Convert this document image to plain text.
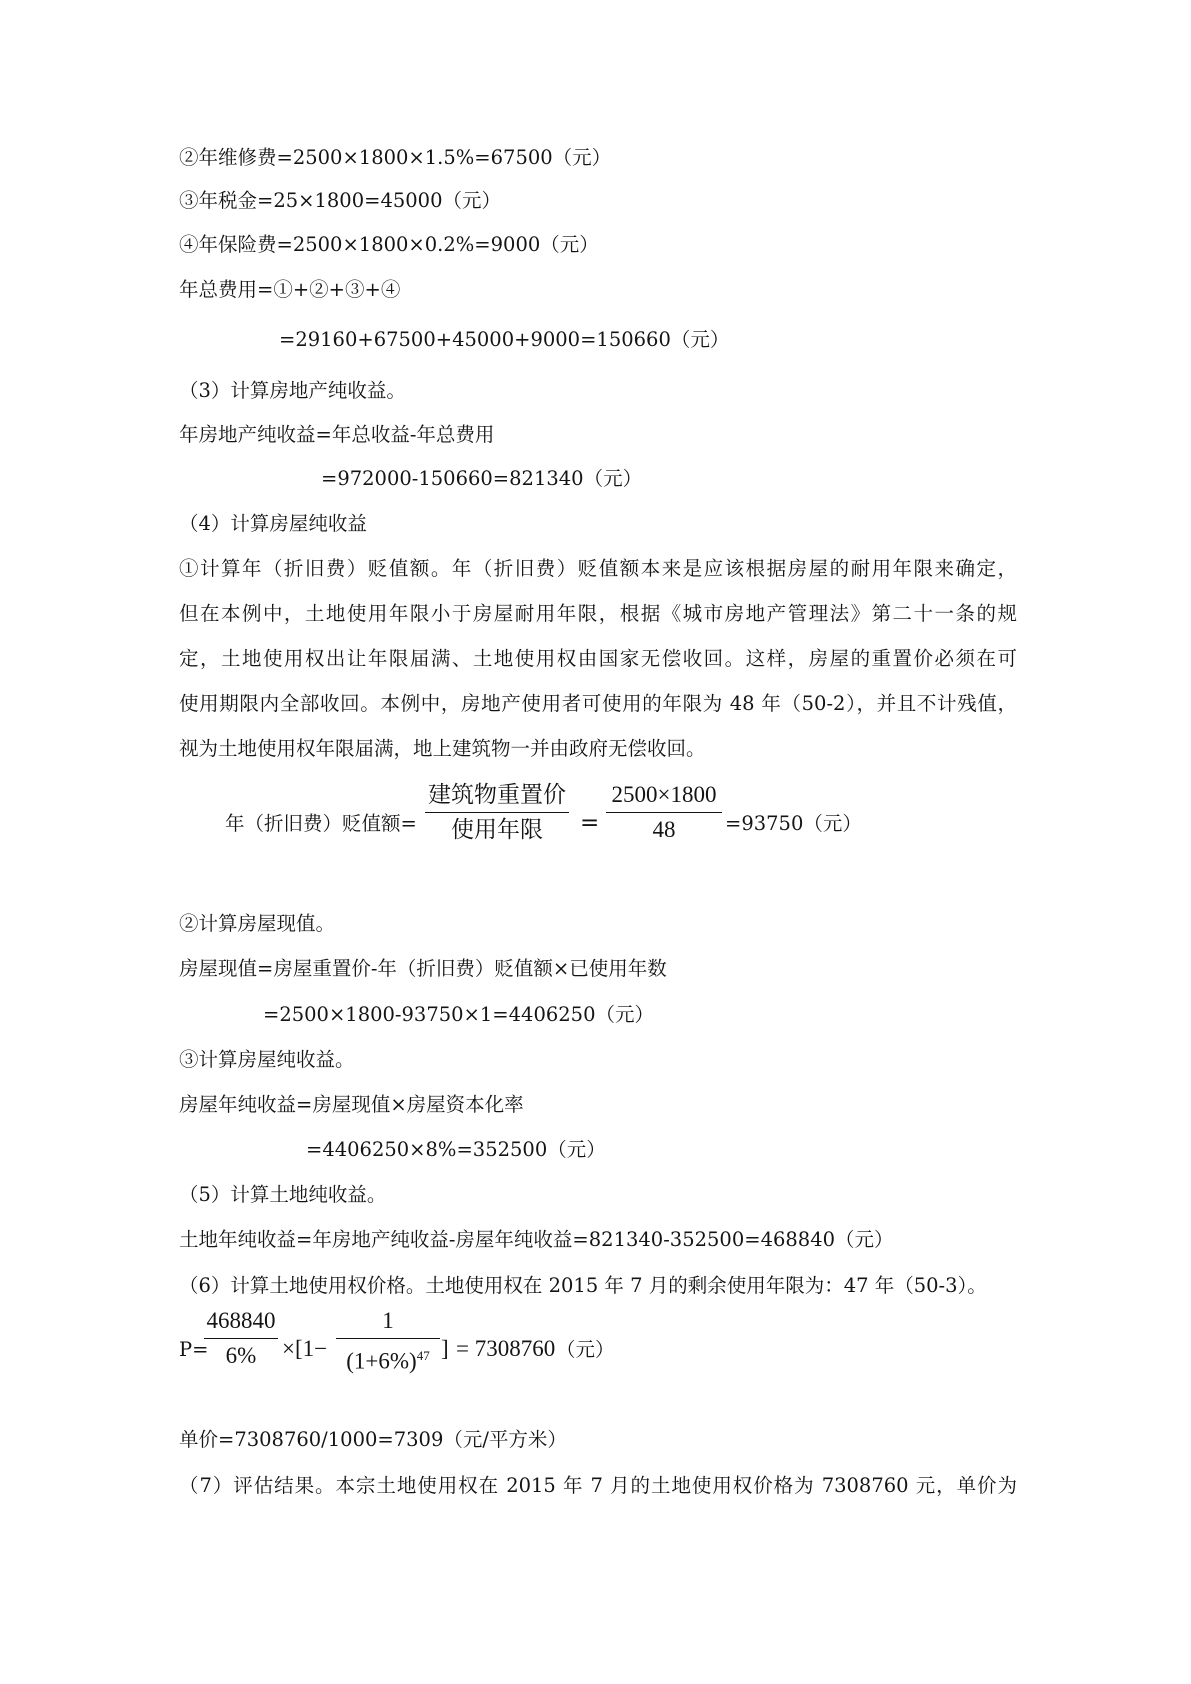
②年维修费=2500×1800×1.5%=67500（元）
③年税金=25×1800=45000（元）
④年保险费=2500×1800×0.2%=9000（元）
年总费用=①+②+③+④
=29160+67500+45000+9000=150660（元）
（3）计算房地产纯收益。
年房地产纯收益=年总收益-年总费用
=972000-150660=821340（元）
（4）计算房屋纯收益
①计算年（折旧费）贬值额。年（折旧费）贬值额本来是应该根据房屋的耐用年限来确定，
但在本例中，土地使用年限小于房屋耐用年限，根据《城市房地产管理法》第二十一条的规
定，土地使用权出让年限届满、土地使用权由国家无偿收回。这样，房屋的重置价必须在可
使用期限内全部收回。本例中，房地产使用者可使用的年限为 48 年（50-2），并且不计残值，
视为土地使用权年限届满，地上建筑物一并由政府无偿收回。
年（折旧费）贬值额=
建筑物重置价
使用年限	=
2500×1800
48	=93750（元）
②计算房屋现值。
房屋现值=房屋重置价-年（折旧费）贬值额×已使用年数
=2500×1800-93750×1=4406250（元）
③计算房屋纯收益。
房屋年纯收益=房屋现值×房屋资本化率
=4406250×8%=352500（元）
（5）计算土地纯收益。
土地年纯收益=年房地产纯收益-房屋年纯收益=821340-352500=468840（元）
（6）计算土地使用权价格。土地使用权在 2015 年 7 月的剩余使用年限为：47 年（50-3）。
P=
468840
6%	×[1−
1
$(1+6\%)^{47}$ ] = 7308760 （元）
单价=7308760/1000=7309（元/平方米）
（7）评估结果。本宗土地使用权在 2015 年 7 月的土地使用权价格为 7308760 元，单价为
